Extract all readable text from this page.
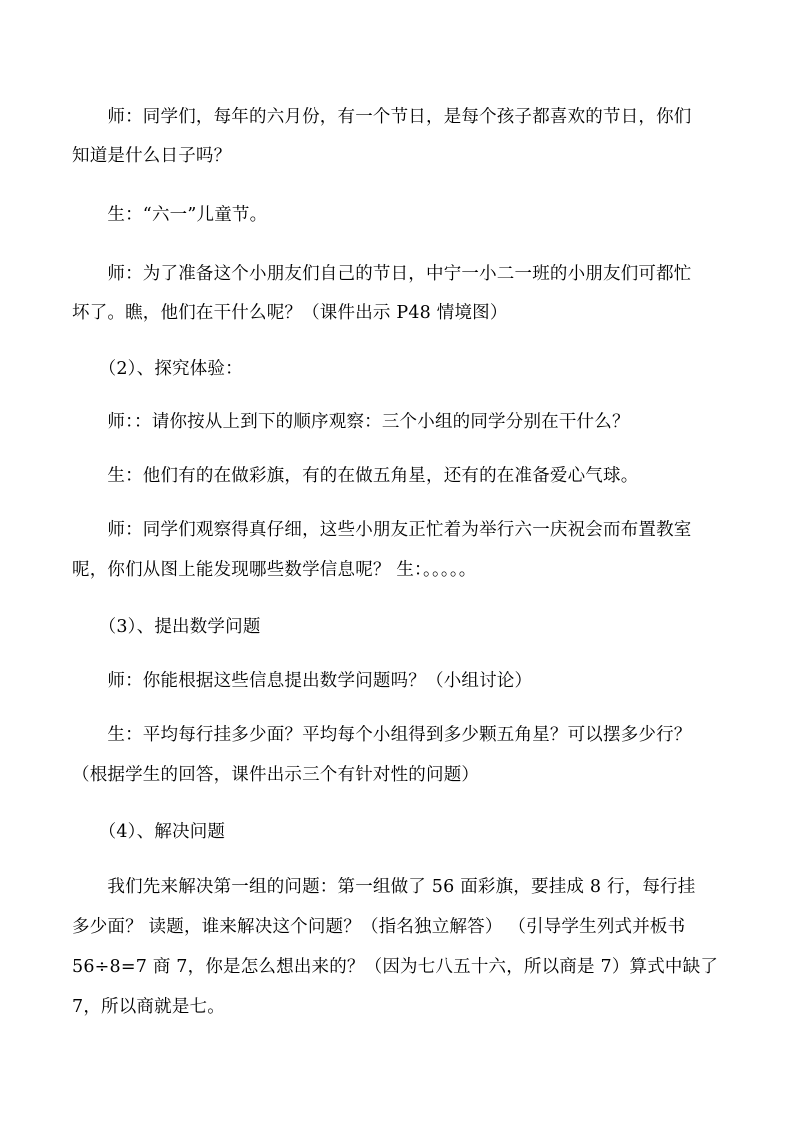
　　师：同学们，每年的六月份，有一个节日，是每个孩子都喜欢的节日，你们
知道是什么日子吗？
　　生：“六一”儿童节。
　　师：为了准备这个小朋友们自己的节日，中宁一小二一班的小朋友们可都忙
坏了。瞧，他们在干什么呢？（课件出示 P48 情境图）
　　（2）、探究体验：
　　师：：请你按从上到下的顺序观察：三个小组的同学分别在干什么？
　　生：他们有的在做彩旗，有的在做五角星，还有的在准备爱心气球。
　　师：同学们观察得真仔细，这些小朋友正忙着为举行六一庆祝会而布置教室
呢，你们从图上能发现哪些数学信息呢？ 生：。。。。。
　　（3）、提出数学问题
　　师：你能根据这些信息提出数学问题吗？（小组讨论）
　　生：平均每行挂多少面？平均每个小组得到多少颗五角星？可以摆多少行？
（根据学生的回答，课件出示三个有针对性的问题）
　　（4）、解决问题
　　我们先来解决第一组的问题：第一组做了 56 面彩旗，要挂成 8 行，每行挂
多少面？ 读题，谁来解决这个问题？（指名独立解答） （引导学生列式并板书
56÷8=7 商 7，你是怎么想出来的？（因为七八五十六，所以商是 7）算式中缺了
7，所以商就是七。
